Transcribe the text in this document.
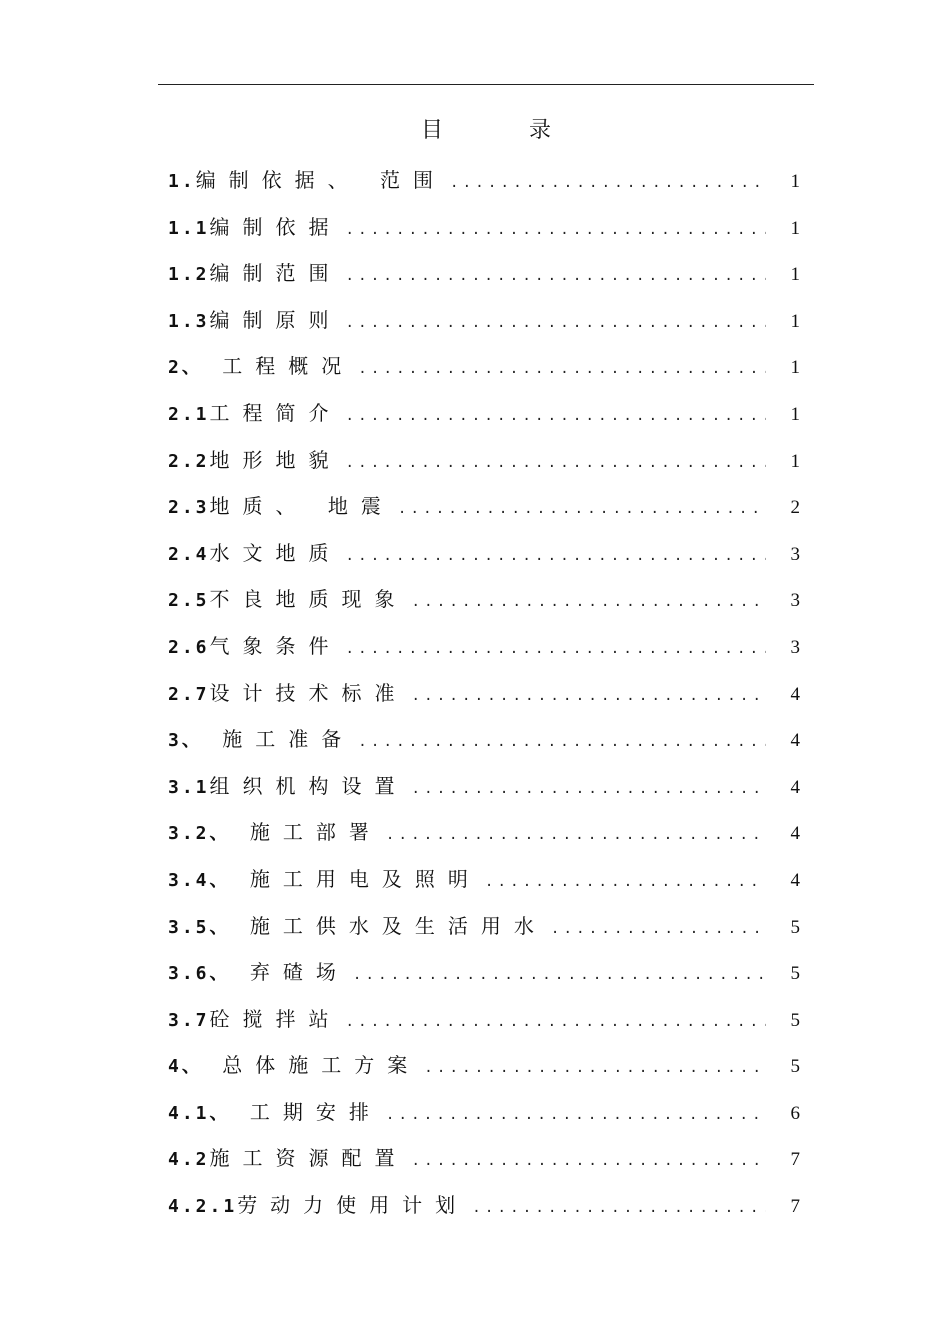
目录
1.编制依据、 范围 .....	1
1.1编制依据 .....	1
1.2编制范围 .....	1
1.3编制原则 .....	1
2、 工程概况 .....	1
2.1工程简介 .....	1
2.2地形地貌 .....	1
2.3地质、 地震 .....	2
2.4水文地质 .....	3
2.5不良地质现象 .....	3
2.6气象条件 .....	3
2.7设计技术标准 .....	4
3、 施工准备 .....	4
3.1组织机构设置 .....	4
3.2、 施工部署 .....	4
3.4、 施工用电及照明 .....	4
3.5、 施工供水及生活用水 .....	5
3.6、 弃碴场 .....	5
3.7砼搅拌站 .....	5
4、 总体施工方案 .....	5
4.1、 工期安排 .....	6
4.2施工资源配置 .....	7
4.2.1劳动力使用计划 .....	7
